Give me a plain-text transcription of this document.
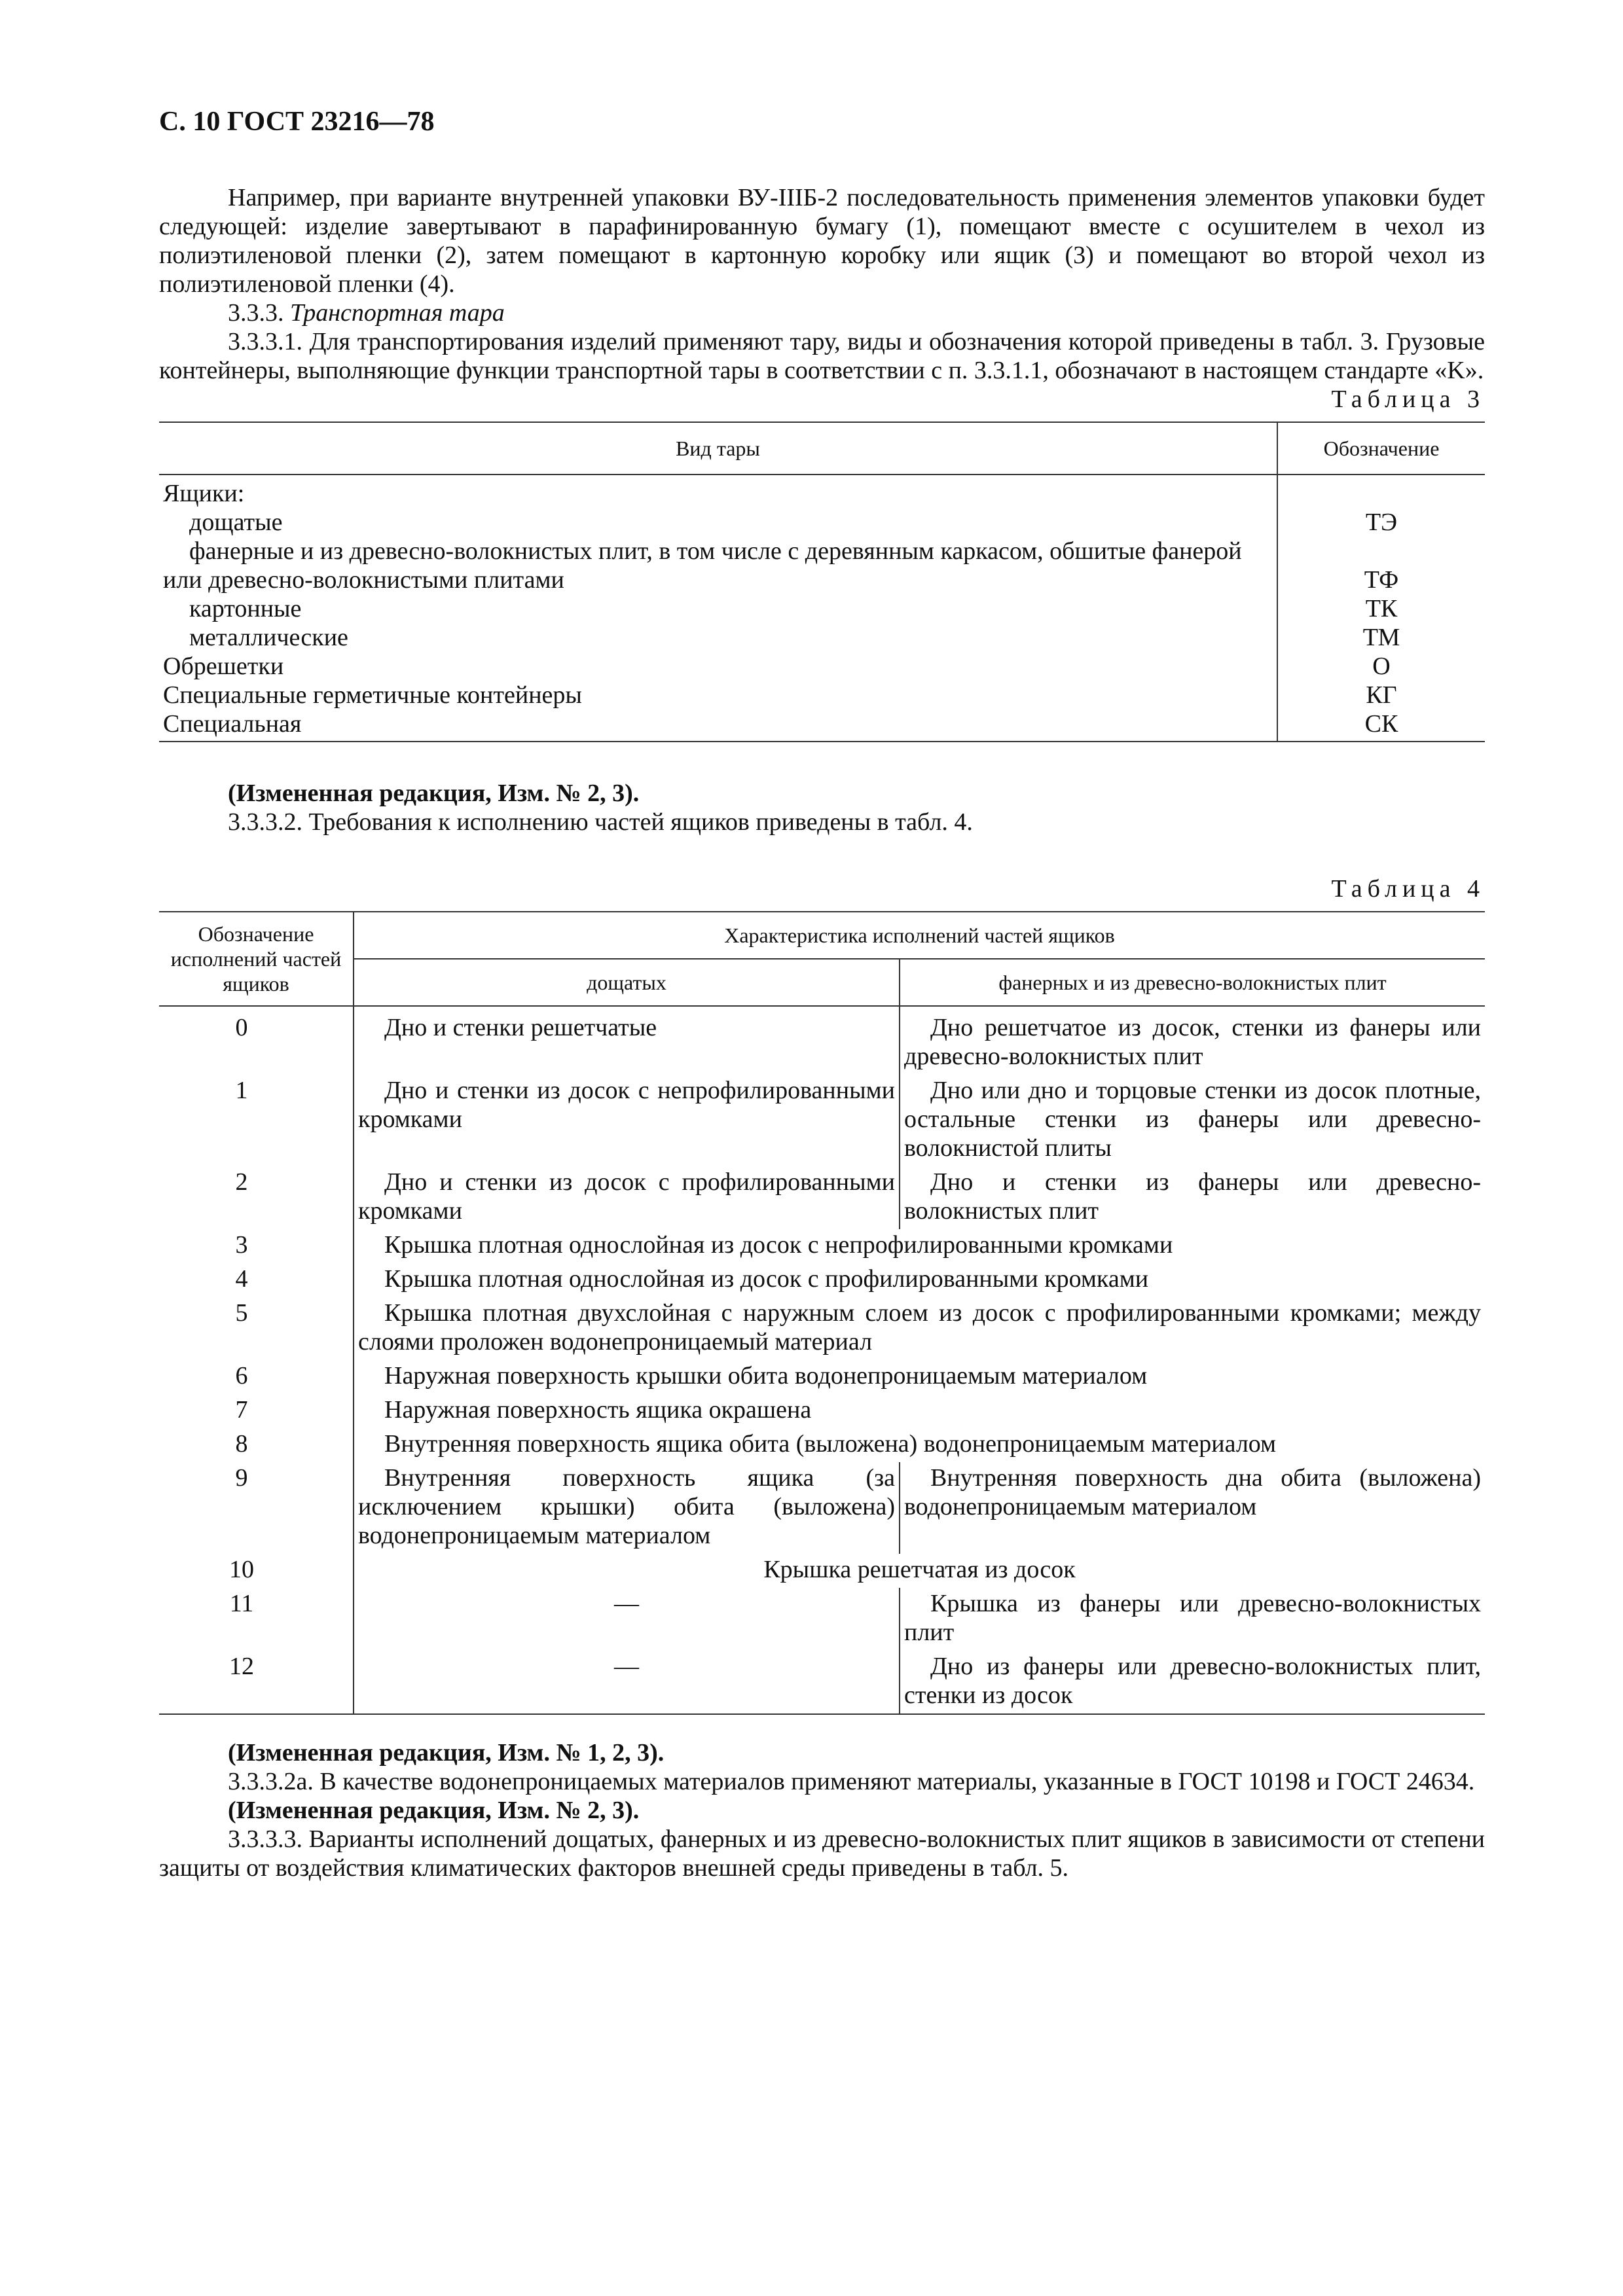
С. 10 ГОСТ 23216—78

Например, при варианте внутренней упаковки ВУ-IIIБ-2 последовательность применения элементов упаковки будет следующей: изделие завертывают в парафинированную бумагу (1), помещают вместе с осушителем в чехол из полиэтиленовой пленки (2), затем помещают в картонную коробку или ящик (3) и помещают во второй чехол из полиэтиленовой пленки (4).

3.3.3. Транспортная тара

3.3.3.1. Для транспортирования изделий применяют тару, виды и обозначения которой приведены в табл. 3. Грузовые контейнеры, выполняющие функции транспортной тары в соответствии с п. 3.3.1.1, обозначают в настоящем стандарте «K».

Таблица 3
Вид тары	Обозначение
Ящики:	
дощатые	ТЭ

фанерные и из древесно-волокнистых плит, в том числе с деревянным каркасом, обшитые фанерой или древесно-волокнистыми плитами	ТФ
картонные	ТК
металлические	ТМ
Обрешетки	О
Специальные герметичные контейнеры	КГ
Специальная	СК

(Измененная редакция, Изм. № 2, 3).

3.3.3.2. Требования к исполнению частей ящиков приведены в табл. 4.

Таблица 4
Обозначение исполнений частей ящиков	Характеристика исполнений частей ящиков	
	дощатых	фанерных и из древесно-волокнистых плит
0	Дно и стенки решетчатые	Дно решетчатое из досок, стенки из фанеры или древесно-волокнистых плит
1	Дно и стенки из досок с непрофилированными кромками	Дно или дно и торцовые стенки из досок плотные, остальные стенки из фанеры или древесно-волокнистой плиты
2	Дно и стенки из досок с профилированными кромками	Дно и стенки из фанеры или древесно-волокнистых плит
3	Крышка плотная однослойная из досок с непрофилированными кромками	
4	Крышка плотная однослойная из досок с профилированными кромками	
5	Крышка плотная двухслойная с наружным слоем из досок с профилированными кромками; между слоями проложен водонепроницаемый материал	
6	Наружная поверхность крышки обита водонепроницаемым материалом	
7	Наружная поверхность ящика окрашена	
8	Внутренняя поверхность ящика обита (выложена) водонепроницаемым материалом	
9	Внутренняя поверхность ящика (за исключением крышки) обита (выложена) водонепроницаемым материалом	Внутренняя поверхность дна обита (выложена) водонепроницаемым материалом
10	Крышка решетчатая из досок	
11	—	Крышка из фанеры или древесно-волокнистых плит
12	—	Дно из фанеры или древесно-волокнистых плит, стенки из досок

(Измененная редакция, Изм. № 1, 2, 3).

3.3.3.2а. В качестве водонепроницаемых материалов применяют материалы, указанные в ГОСТ 10198 и ГОСТ 24634.

(Измененная редакция, Изм. № 2, 3).

3.3.3.3. Варианты исполнений дощатых, фанерных и из древесно-волокнистых плит ящиков в зависимости от степени защиты от воздействия климатических факторов внешней среды приведены в табл. 5.
